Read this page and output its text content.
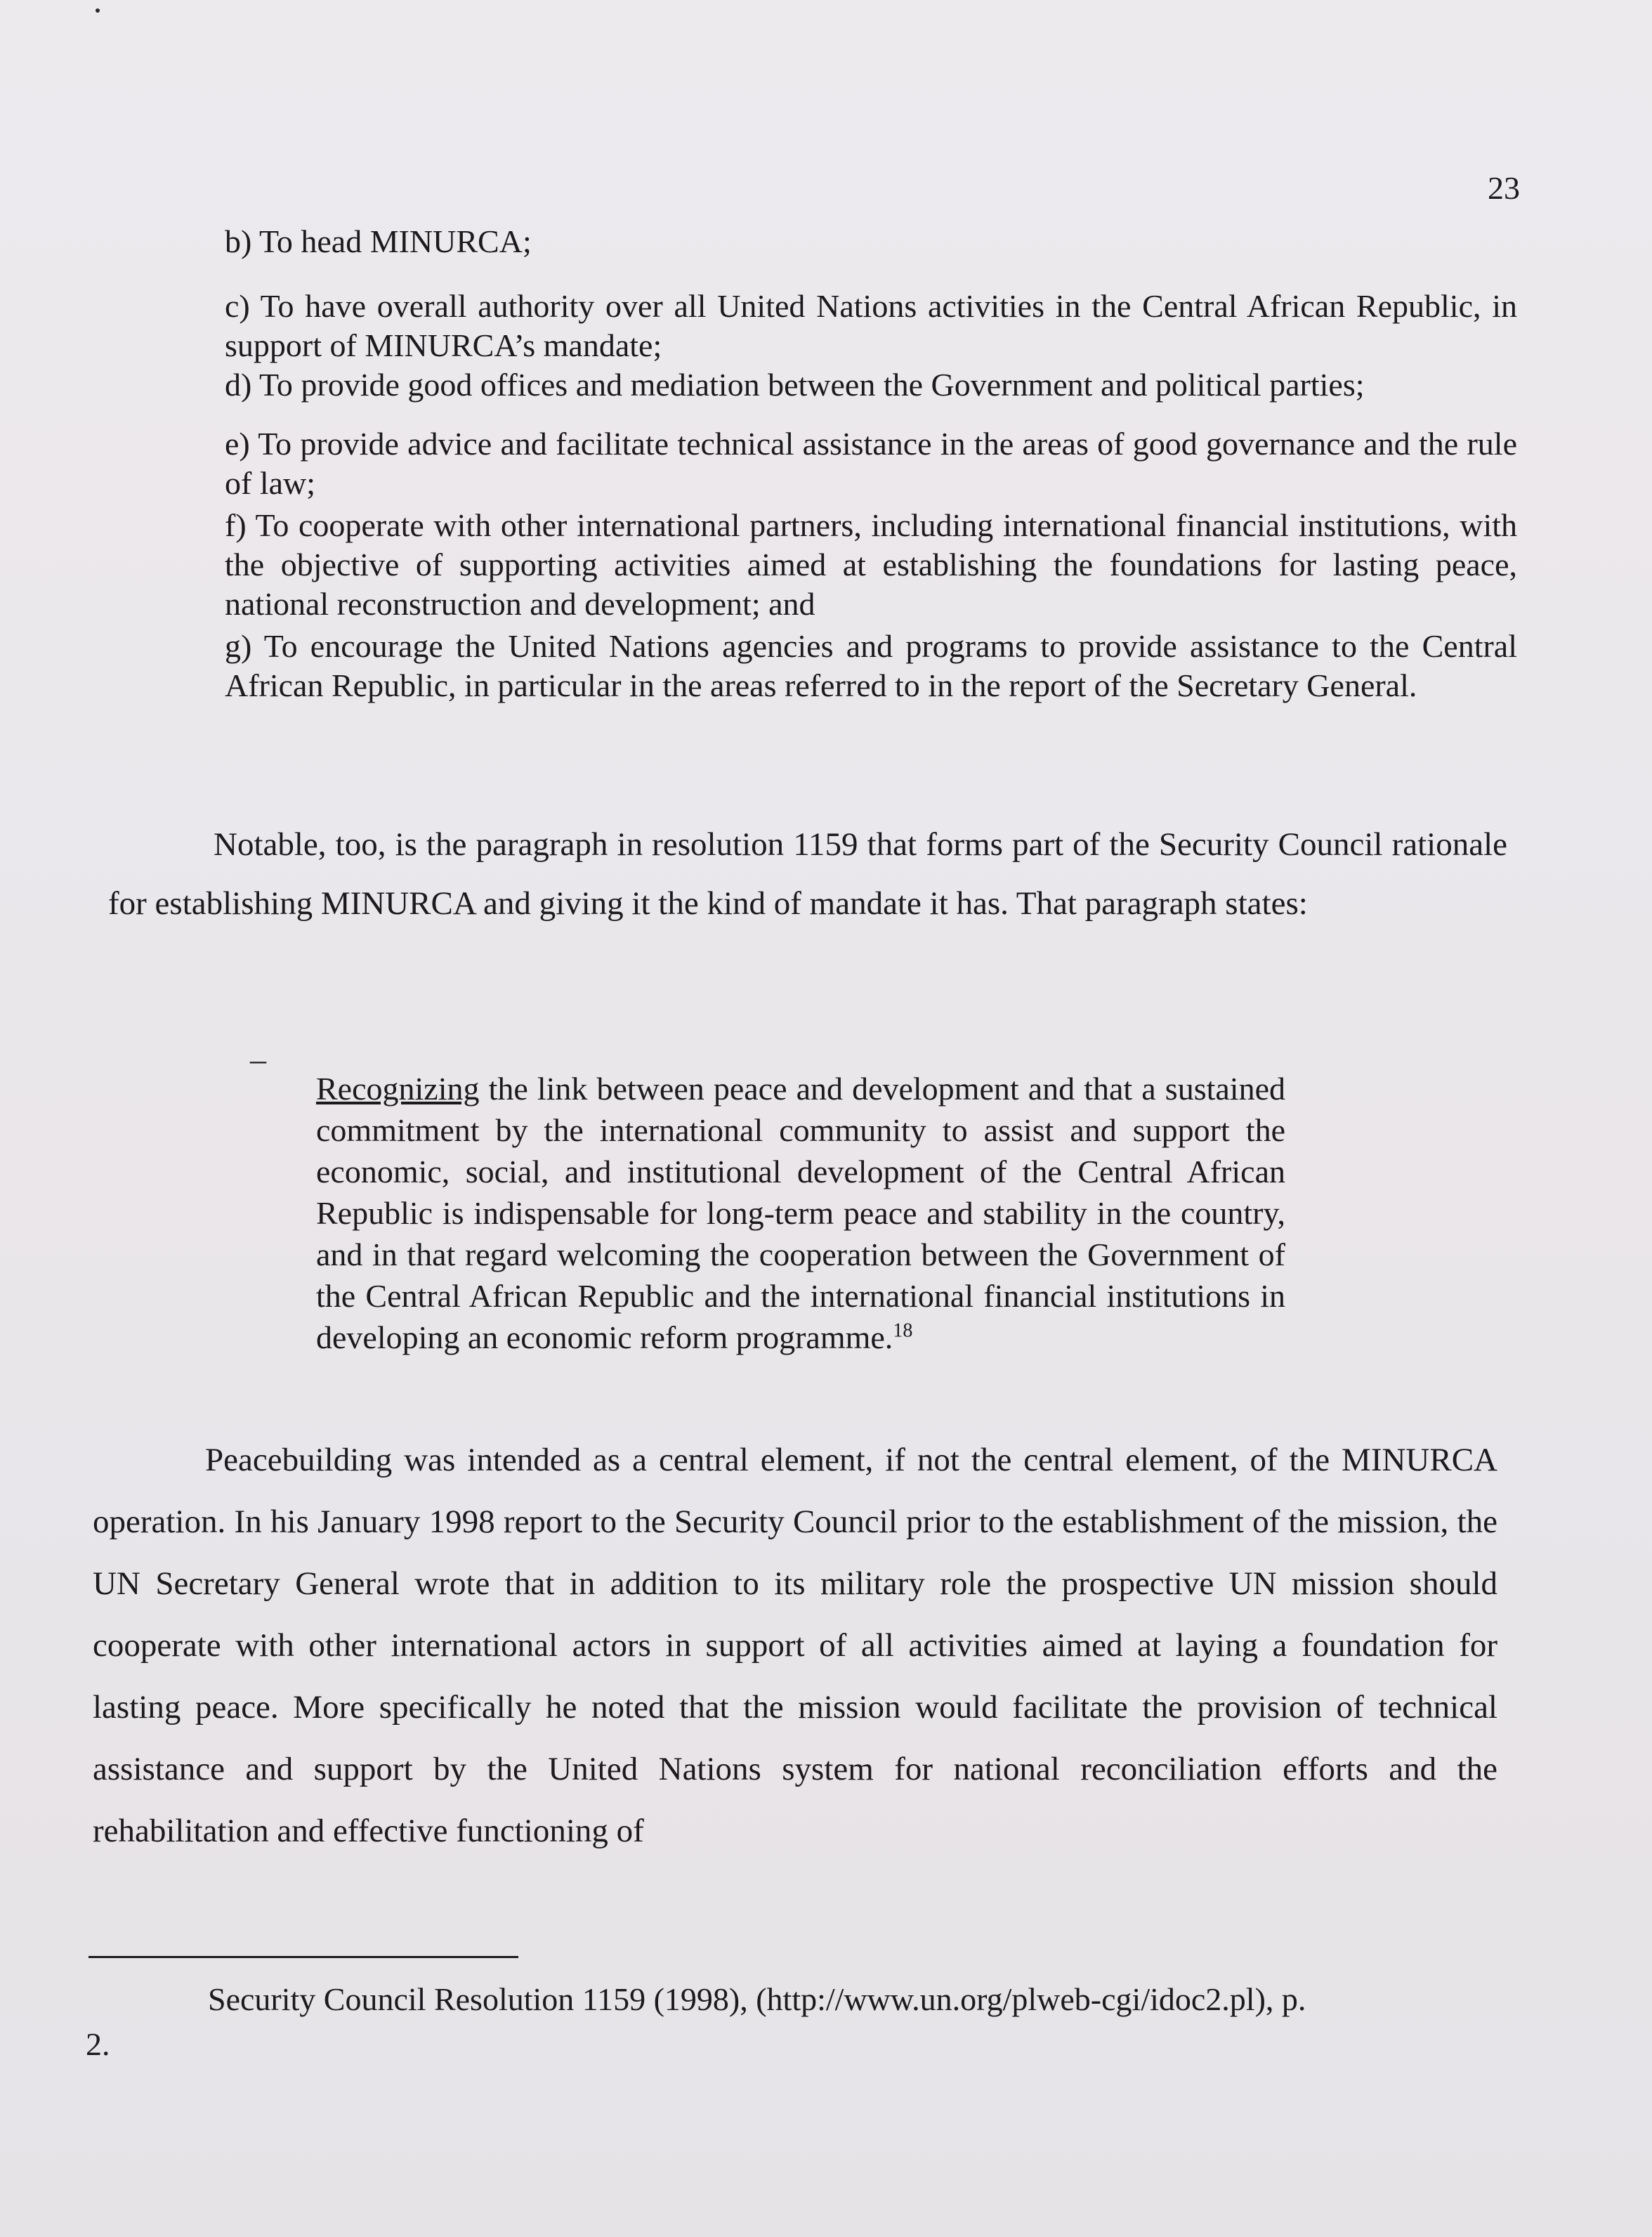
23

b) To head MINURCA;

c) To have overall authority over all United Nations activities in the Central African Republic, in support of MINURCA’s mandate;

d) To provide good offices and mediation between the Government and political parties;

e) To provide advice and facilitate technical assistance in the areas of good governance and the rule of law;

f) To cooperate with other international partners, including international financial institutions, with the objective of supporting activities aimed at establishing the foundations for lasting peace, national reconstruction and development; and

g) To encourage the United Nations agencies and programs to provide assistance to the Central African Republic, in particular in the areas referred to in the report of the Secretary General.

Notable, too, is the paragraph in resolution 1159 that forms part of the Security Council rationale for establishing MINURCA and giving it the kind of mandate it has. That paragraph states:

–

Recognizing the link between peace and development and that a sustained commitment by the international community to assist and support the economic, social, and institutional development of the Central African Republic is indispensable for long-term peace and stability in the country, and in that regard welcoming the cooperation between the Government of the Central African Republic and the international financial institutions in developing an economic reform programme.$^{18}$

Peacebuilding was intended as a central element, if not the central element, of the MINURCA operation. In his January 1998 report to the Security Council prior to the establishment of the mission, the UN Secretary General wrote that in addition to its military role the prospective UN mission should cooperate with other international actors in support of all activities aimed at laying a foundation for lasting peace. More specifically he noted that the mission would facilitate the provision of technical assistance and support by the United Nations system for national reconciliation efforts and the rehabilitation and effective functioning of

Security Council Resolution 1159 (1998), (http://www.un.org/plweb-cgi/idoc2.pl), p.

2.
